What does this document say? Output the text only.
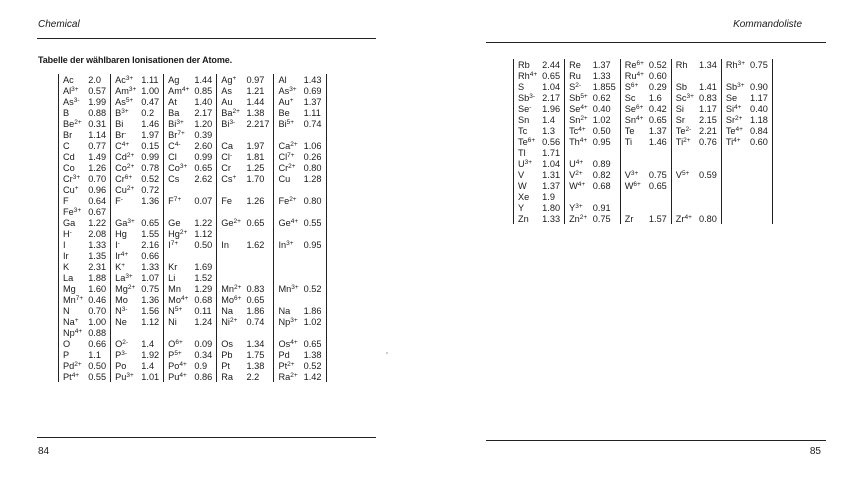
Chemical
Tabelle der wählbaren Ionisationen der Atome.
Ac	2.0	$Ac^{3+}$	1.11	Ag	1.44	Ag+	0.97	Al	1.43
$Al^{3+}$	0.57	$Am^{3+}$	1.00	$Am^{4+}$	0.85	As	1.21	$As^{3+}$	0.69
$As^{3-}$	1.99	$As^{5+}$	0.47	At	1.40	Au	1.44	Au+	1.37
B	0.88	$B^{3+}$	0.2	Ba	2.17	$Ba^{2+}$	1.38	Be	1.11
$Be^{2+}$	0.31	Bi	1.46	$Bi^{3+}$	1.20	$Bi^{3-}$	2.217	$Bi^{5+}$	0.74
Br	1.14	Br-	1.97	$Br^{7+}$	0.39				
C	0.77	$C^{4+}$	0.15	$C^{4-}$	2.60	Ca	1.97	$Ca^{2+}$	1.06
Cd	1.49	$Cd^{2+}$	0.99	Cl	0.99	Cl-	1.81	$Cl^{7+}$	0.26
Co	1.26	$Co^{2+}$	0.78	$Co^{3+}$	0.65	Cr	1.25	$Cr^{2+}$	0.80
$Cr^{3+}$	0.70	$Cr^{6+}$	0.52	Cs	2.62	Cs+	1.70	Cu	1.28
Cu+	0.96	$Cu^{2+}$	0.72						
F	0.64	F-	1.36	$F^{7+}$	0.07	Fe	1.26	$Fe^{2+}$	0.80
$Fe^{3+}$	0.67								
Ga	1.22	$Ga^{3+}$	0.65	Ge	1.22	$Ge^{2+}$	0.65	$Ge^{4+}$	0.55
H-	2.08	Hg	1.55	$Hg^{2+}$	1.12				
I	1.33	I-	2.16	$I^{7+}$	0.50	In	1.62	$In^{3+}$	0.95
Ir	1.35	$Ir^{4+}$	0.66						
K	2.31	K+	1.33	Kr	1.69				
La	1.88	$La^{3+}$	1.07	Li	1.52				
Mg	1.60	$Mg^{2+}$	0.75	Mn	1.29	$Mn^{2+}$	0.83	$Mn^{3+}$	0.52
$Mn^{7+}$	0.46	Mo	1.36	$Mo^{4+}$	0.68	$Mo^{6+}$	0.65		
N	0.70	$N^{3-}$	1.56	$N^{5+}$	0.11	Na	1.86	Na	1.86
Na+	1.00	Ne	1.12	Ni	1.24	$Ni^{2+}$	0.74	$Np^{3+}$	1.02
$Np^{4+}$	0.88								
O	0.66	$O^{2-}$	1.4	$O^{6+}$	0.09	Os	1.34	$Os^{4+}$	0.65
P	1.1	$P^{3-}$	1.92	$P^{5+}$	0.34	Pb	1.75	Pd	1.38
$Pd^{2+}$	0.50	Po	1.4	$Po^{4+}$	0.9	Pt	1.38	$Pt^{2+}$	0.52
$Pt^{4+}$	0.55	$Pu^{3+}$	1.01	$Pu^{4+}$	0.86	Ra	2.2	$Ra^{2+}$	1.42
84
Kommandoliste
Rb	2.44	Re	1.37	$Re^{6+}$	0.52	Rh	1.34	$Rh^{3+}$	0.75
$Rh^{4+}$	0.65	Ru	1.33	$Ru^{4+}$	0.60				
S	1.04	$S^{2-}$	1.855	$S^{6+}$	0.29	Sb	1.41	$Sb^{3+}$	0.90
$Sb^{3-}$	2.17	$Sb^{5+}$	0.62	Sc	1.6	$Sc^{3+}$	0.83	Se	1.17
Se-	1.96	$Se^{4+}$	0.40	$Se^{6+}$	0.42	Si	1.17	$Si^{4+}$	0.40
Sn	1.4	$Sn^{2+}$	1.02	$Sn^{4+}$	0.65	Sr	2.15	$Sr^{2+}$	1.18
Tc	1.3	$Tc^{4+}$	0.50	Te	1.37	$Te^{2-}$	2.21	$Te^{4+}$	0.84
$Te^{6+}$	0.56	$Th^{4+}$	0.95	Ti	1.46	$Ti^{2+}$	0.76	$Ti^{4+}$	0.60
Tl	1.71								
$U^{3+}$	1.04	$U^{4+}$	0.89						
V	1.31	$V^{2+}$	0.82	$V^{3+}$	0.75	$V^{5+}$	0.59		
W	1.37	$W^{4+}$	0.68	$W^{6+}$	0.65				
Xe	1.9								
Y	1.80	$Y^{3+}$	0.91						
Zn	1.33	$Zn^{2+}$	0.75	Zr	1.57	$Zr^{4+}$	0.80		
85
